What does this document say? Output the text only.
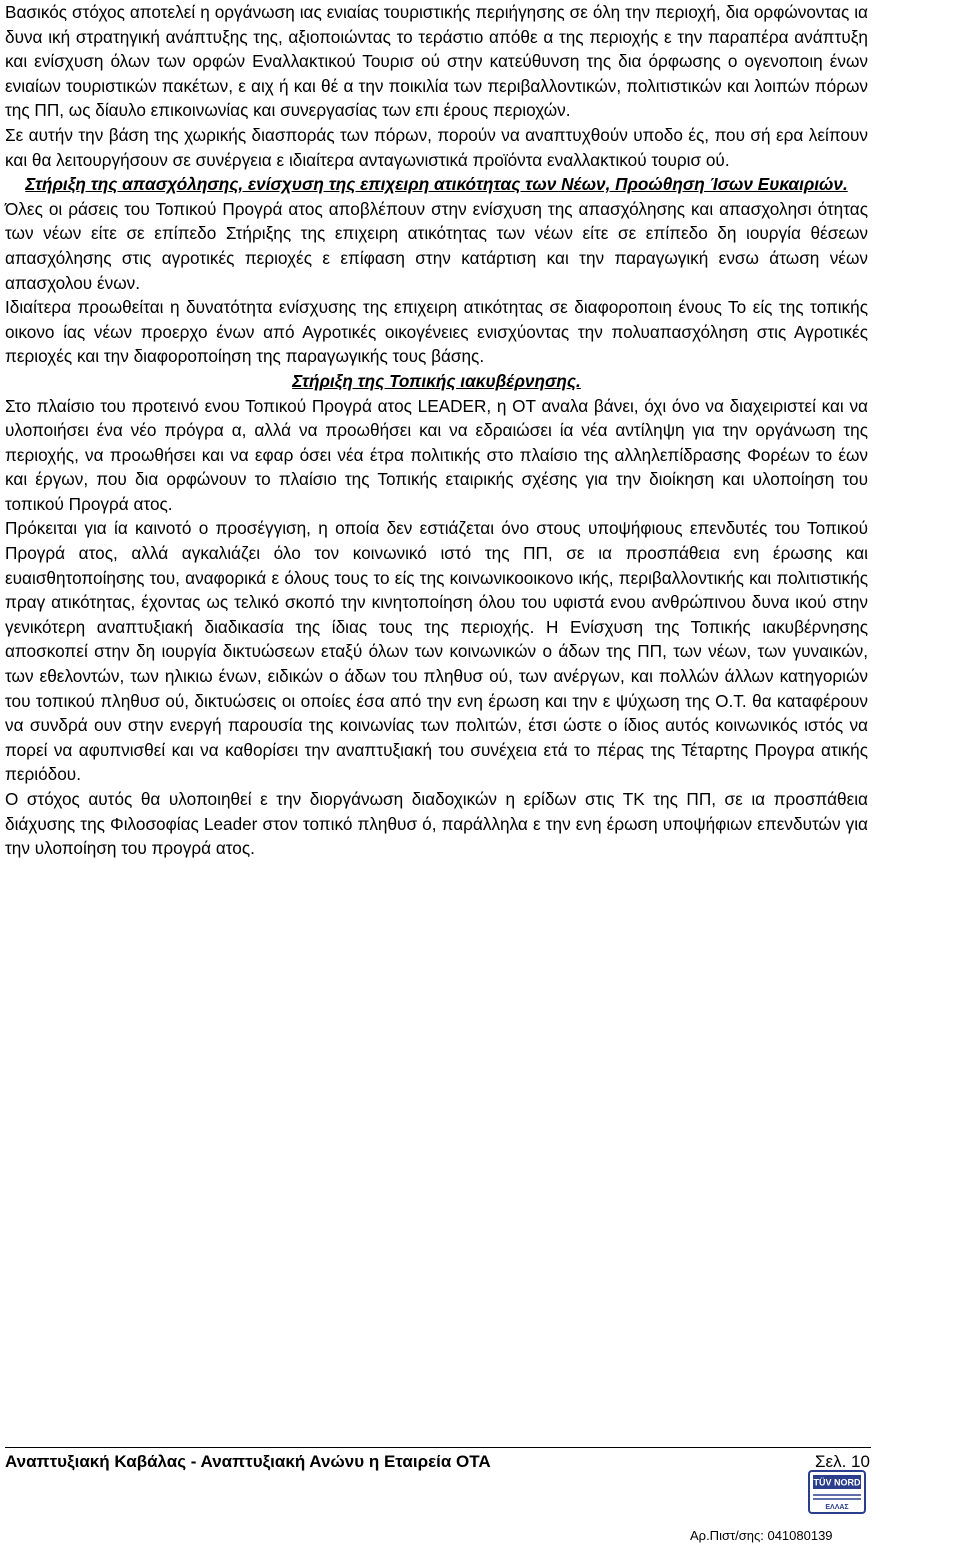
Βασικός στόχος αποτελεί η οργάνωση ιας ενιαίας τουριστικής περιήγησης σε όλη την περιοχή, δια ορφώνοντας ια δυνα ική στρατηγική ανάπτυξης της, αξιοποιώντας το τεράστιο απόθε α της περιοχής ε την παραπέρα ανάπτυξη και ενίσχυση όλων των ορφών Εναλλακτικού Τουρισ ού στην κατεύθυνση της δια όρφωσης ο ογενοποιη ένων ενιαίων τουριστικών πακέτων, ε αιχ ή και θέ α την ποικιλία των περιβαλλοντικών, πολιτιστικών και λοιπών πόρων της ΠΠ, ως δίαυλο επικοινωνίας και συνεργασίας των επι έρους περιοχών.

Σε αυτήν την βάση της χωρικής διασποράς των πόρων, πορούν να αναπτυχθούν υποδο ές, που σή ερα λείπουν και θα λειτουργήσουν σε συνέργεια ε ιδιαίτερα ανταγωνιστικά προϊόντα εναλλακτικού τουρισ ού.

Στήριξη της απασχόλησης, ενίσχυση της επιχειρη ατικότητας των Νέων, Προώθηση Ίσων Ευκαιριών.

Όλες οι ράσεις του Τοπικού Προγρά ατος αποβλέπουν στην ενίσχυση της απασχόλησης και απασχολησι ότητας των νέων είτε σε επίπεδο Στήριξης της επιχειρη ατικότητας των νέων είτε σε επίπεδο δη ιουργία θέσεων απασχόλησης στις αγροτικές περιοχές ε επίφαση στην κατάρτιση και την παραγωγική ενσω άτωση νέων απασχολου ένων.

Ιδιαίτερα προωθείται η δυνατότητα ενίσχυσης της επιχειρη ατικότητας σε διαφοροποιη ένους Το είς της τοπικής οικονο ίας νέων προερχο ένων από Αγροτικές οικογένειες ενισχύοντας την πολυαπασχόληση στις Αγροτικές περιοχές και την διαφοροποίηση της παραγωγικής τους βάσης.

Στήριξη της Τοπικής ιακυβέρνησης.

Στο πλαίσιο του προτεινό ενου Τοπικού Προγρά ατος LEADER, η ΟΤ αναλα βάνει, όχι όνο να διαχειριστεί και να υλοποιήσει ένα νέο πρόγρα α, αλλά να προωθήσει και να εδραιώσει ία νέα αντίληψη για την οργάνωση της περιοχής, να προωθήσει και να εφαρ όσει νέα έτρα πολιτικής στο πλαίσιο της αλληλεπίδρασης Φορέων το έων και έργων, που δια ορφώνουν το πλαίσιο της Τοπικής εταιρικής σχέσης για την διοίκηση και υλοποίηση του τοπικού Προγρά ατος.

Πρόκειται για ία καινοτό ο προσέγγιση, η οποία δεν εστιάζεται όνο στους υποψήφιους επενδυτές του Τοπικού Προγρά ατος, αλλά αγκαλιάζει όλο τον κοινωνικό ιστό της ΠΠ, σε ια προσπάθεια ενη έρωσης και ευαισθητοποίησης του, αναφορικά ε όλους τους το είς της κοινωνικοοικονο ικής, περιβαλλοντικής και πολιτιστικής πραγ ατικότητας, έχοντας ως τελικό σκοπό την κινητοποίηση όλου του υφιστά ενου ανθρώπινου δυνα ικού στην γενικότερη αναπτυξιακή διαδικασία της ίδιας τους της περιοχής. Η Ενίσχυση της Τοπικής ιακυβέρνησης αποσκοπεί στην δη ιουργία δικτυώσεων εταξύ όλων των κοινωνικών ο άδων της ΠΠ, των νέων, των γυναικών, των εθελοντών, των ηλικιω ένων, ειδικών ο άδων του πληθυσ ού, των ανέργων, και πολλών άλλων κατηγοριών του τοπικού πληθυσ ού, δικτυώσεις οι οποίες έσα από την ενη έρωση και την ε ψύχωση της Ο.Τ. θα καταφέρουν να συνδρά ουν στην ενεργή παρουσία της κοινωνίας των πολιτών, έτσι ώστε ο ίδιος αυτός κοινωνικός ιστός να πορεί να αφυπνισθεί και να καθορίσει την αναπτυξιακή του συνέχεια ετά το πέρας της Τέταρτης Προγρα ατικής περιόδου.

Ο στόχος αυτός θα υλοποιηθεί ε την διοργάνωση διαδοχικών η ερίδων στις ΤΚ της ΠΠ, σε ια προσπάθεια διάχυσης της Φιλοσοφίας Leader στον τοπικό πληθυσ ό, παράλληλα ε την ενη έρωση υποψήφιων επενδυτών για την υλοποίηση του προγρά ατος.

Αναπτυξιακή Καβάλας - Αναπτυξιακή Ανώνυ η Εταιρεία ΟΤΑ	Σελ. 10
TÜV NORD
ΕΛΛΑΣ
Αρ.Πιστ/σης: 041080139
